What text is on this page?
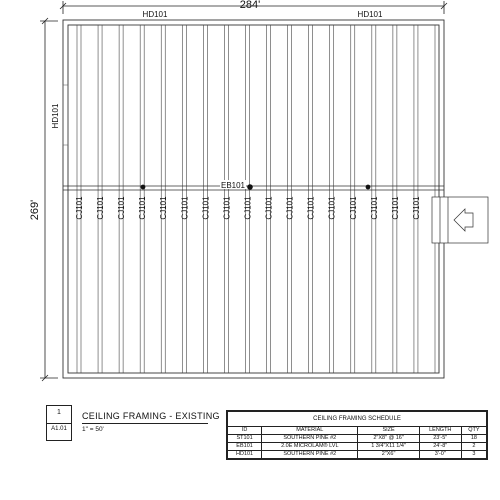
284'
269'
HD101	HD101
HD101
CJ101 CJ101 CJ101 CJ101 CJ101 CJ101 CJ101 CJ101 CJ101 CJ101 CJ101 CJ101 CJ101 CJ101 CJ101 CJ101 CJ101
EB101
1
A1.01
CEILING FRAMING - EXISTING
1" = 50'
CEILING FRAMING SCHEDULE				
ID	MATERIAL	SIZE	LENGTH	QTY
ST101	SOUTHERN PINE #2	2"X8" @ 16"	23'-5"	18
EB101	2.0E MICROLAM® LVL	1 3/4"X11 1/4"	24'-8"	2
HD101	SOUTHERN PINE #2	2"X6"	3'-0"	3
